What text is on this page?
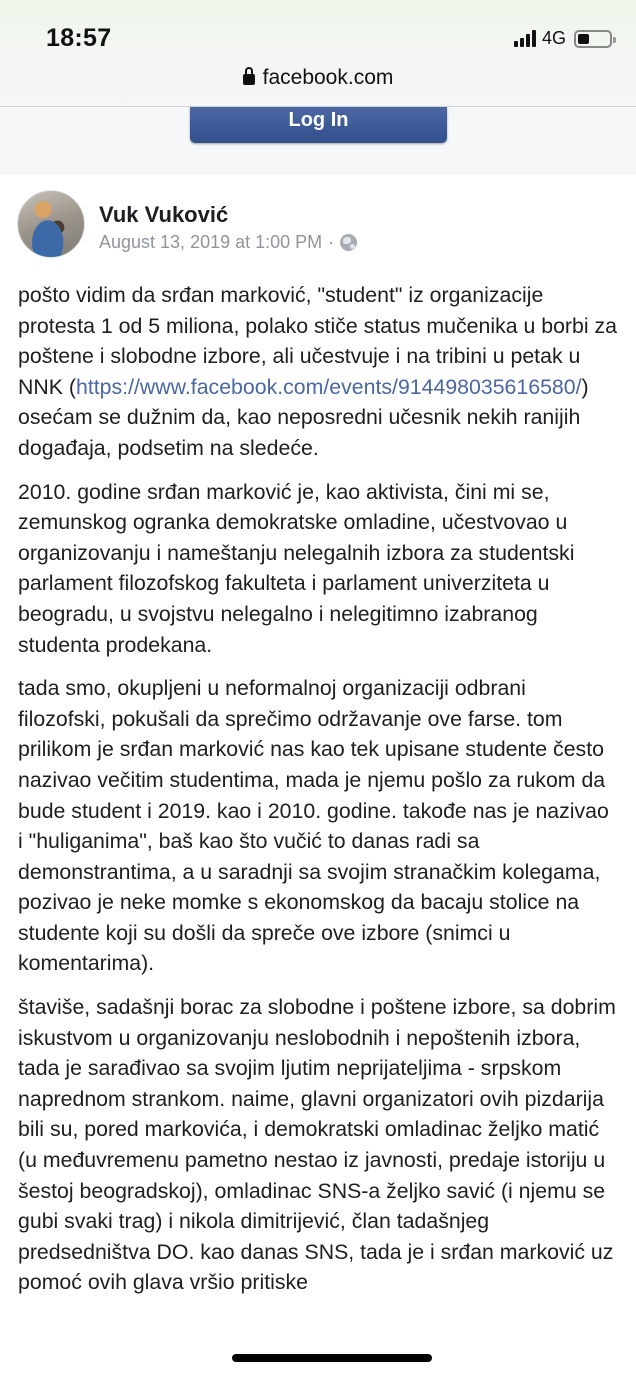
18:57	4G
facebook.com
Log In
Vuk Vuković
August 13, 2019 at 1:00 PM ·

pošto vidim da srđan marković, "student" iz organizacije protesta 1 od 5 miliona, polako stiče status mučenika u borbi za poštene i slobodne izbore, ali učestvuje i na tribini u petak u NNK (https://www.facebook.com/events/914498035616580/) osećam se dužnim da, kao neposredni učesnik nekih ranijih događaja, podsetim na sledeće.

2010. godine srđan marković je, kao aktivista, čini mi se, zemunskog ogranka demokratske omladine, učestvovao u organizovanju i nameštanju nelegalnih izbora za studentski parlament filozofskog fakulteta i parlament univerziteta u beogradu, u svojstvu nelegalno i nelegitimno izabranog studenta prodekana.

tada smo, okupljeni u neformalnoj organizaciji odbrani filozofski, pokušali da sprečimo održavanje ove farse. tom prilikom je srđan marković nas kao tek upisane studente često nazivao večitim studentima, mada je njemu pošlo za rukom da bude student i 2019. kao i 2010. godine. takođe nas je nazivao i "huliganima", baš kao što vučić to danas radi sa demonstrantima, a u saradnji sa svojim stranačkim kolegama, pozivao je neke momke s ekonomskog da bacaju stolice na studente koji su došli da spreče ove izbore (snimci u komentarima).

štaviše, sadašnji borac za slobodne i poštene izbore, sa dobrim iskustvom u organizovanju neslobodnih i nepoštenih izbora, tada je sarađivao sa svojim ljutim neprijateljima - srpskom naprednom strankom. naime, glavni organizatori ovih pizdarija bili su, pored markovića, i demokratski omladinac željko matić (u međuvremenu pametno nestao iz javnosti, predaje istoriju u šestoj beogradskoj), omladinac SNS-a željko savić (i njemu se gubi svaki trag) i nikola dimitrijević, član tadašnjeg predsedništva DO. kao danas SNS, tada je i srđan marković uz pomoć ovih glava vršio pritiske
